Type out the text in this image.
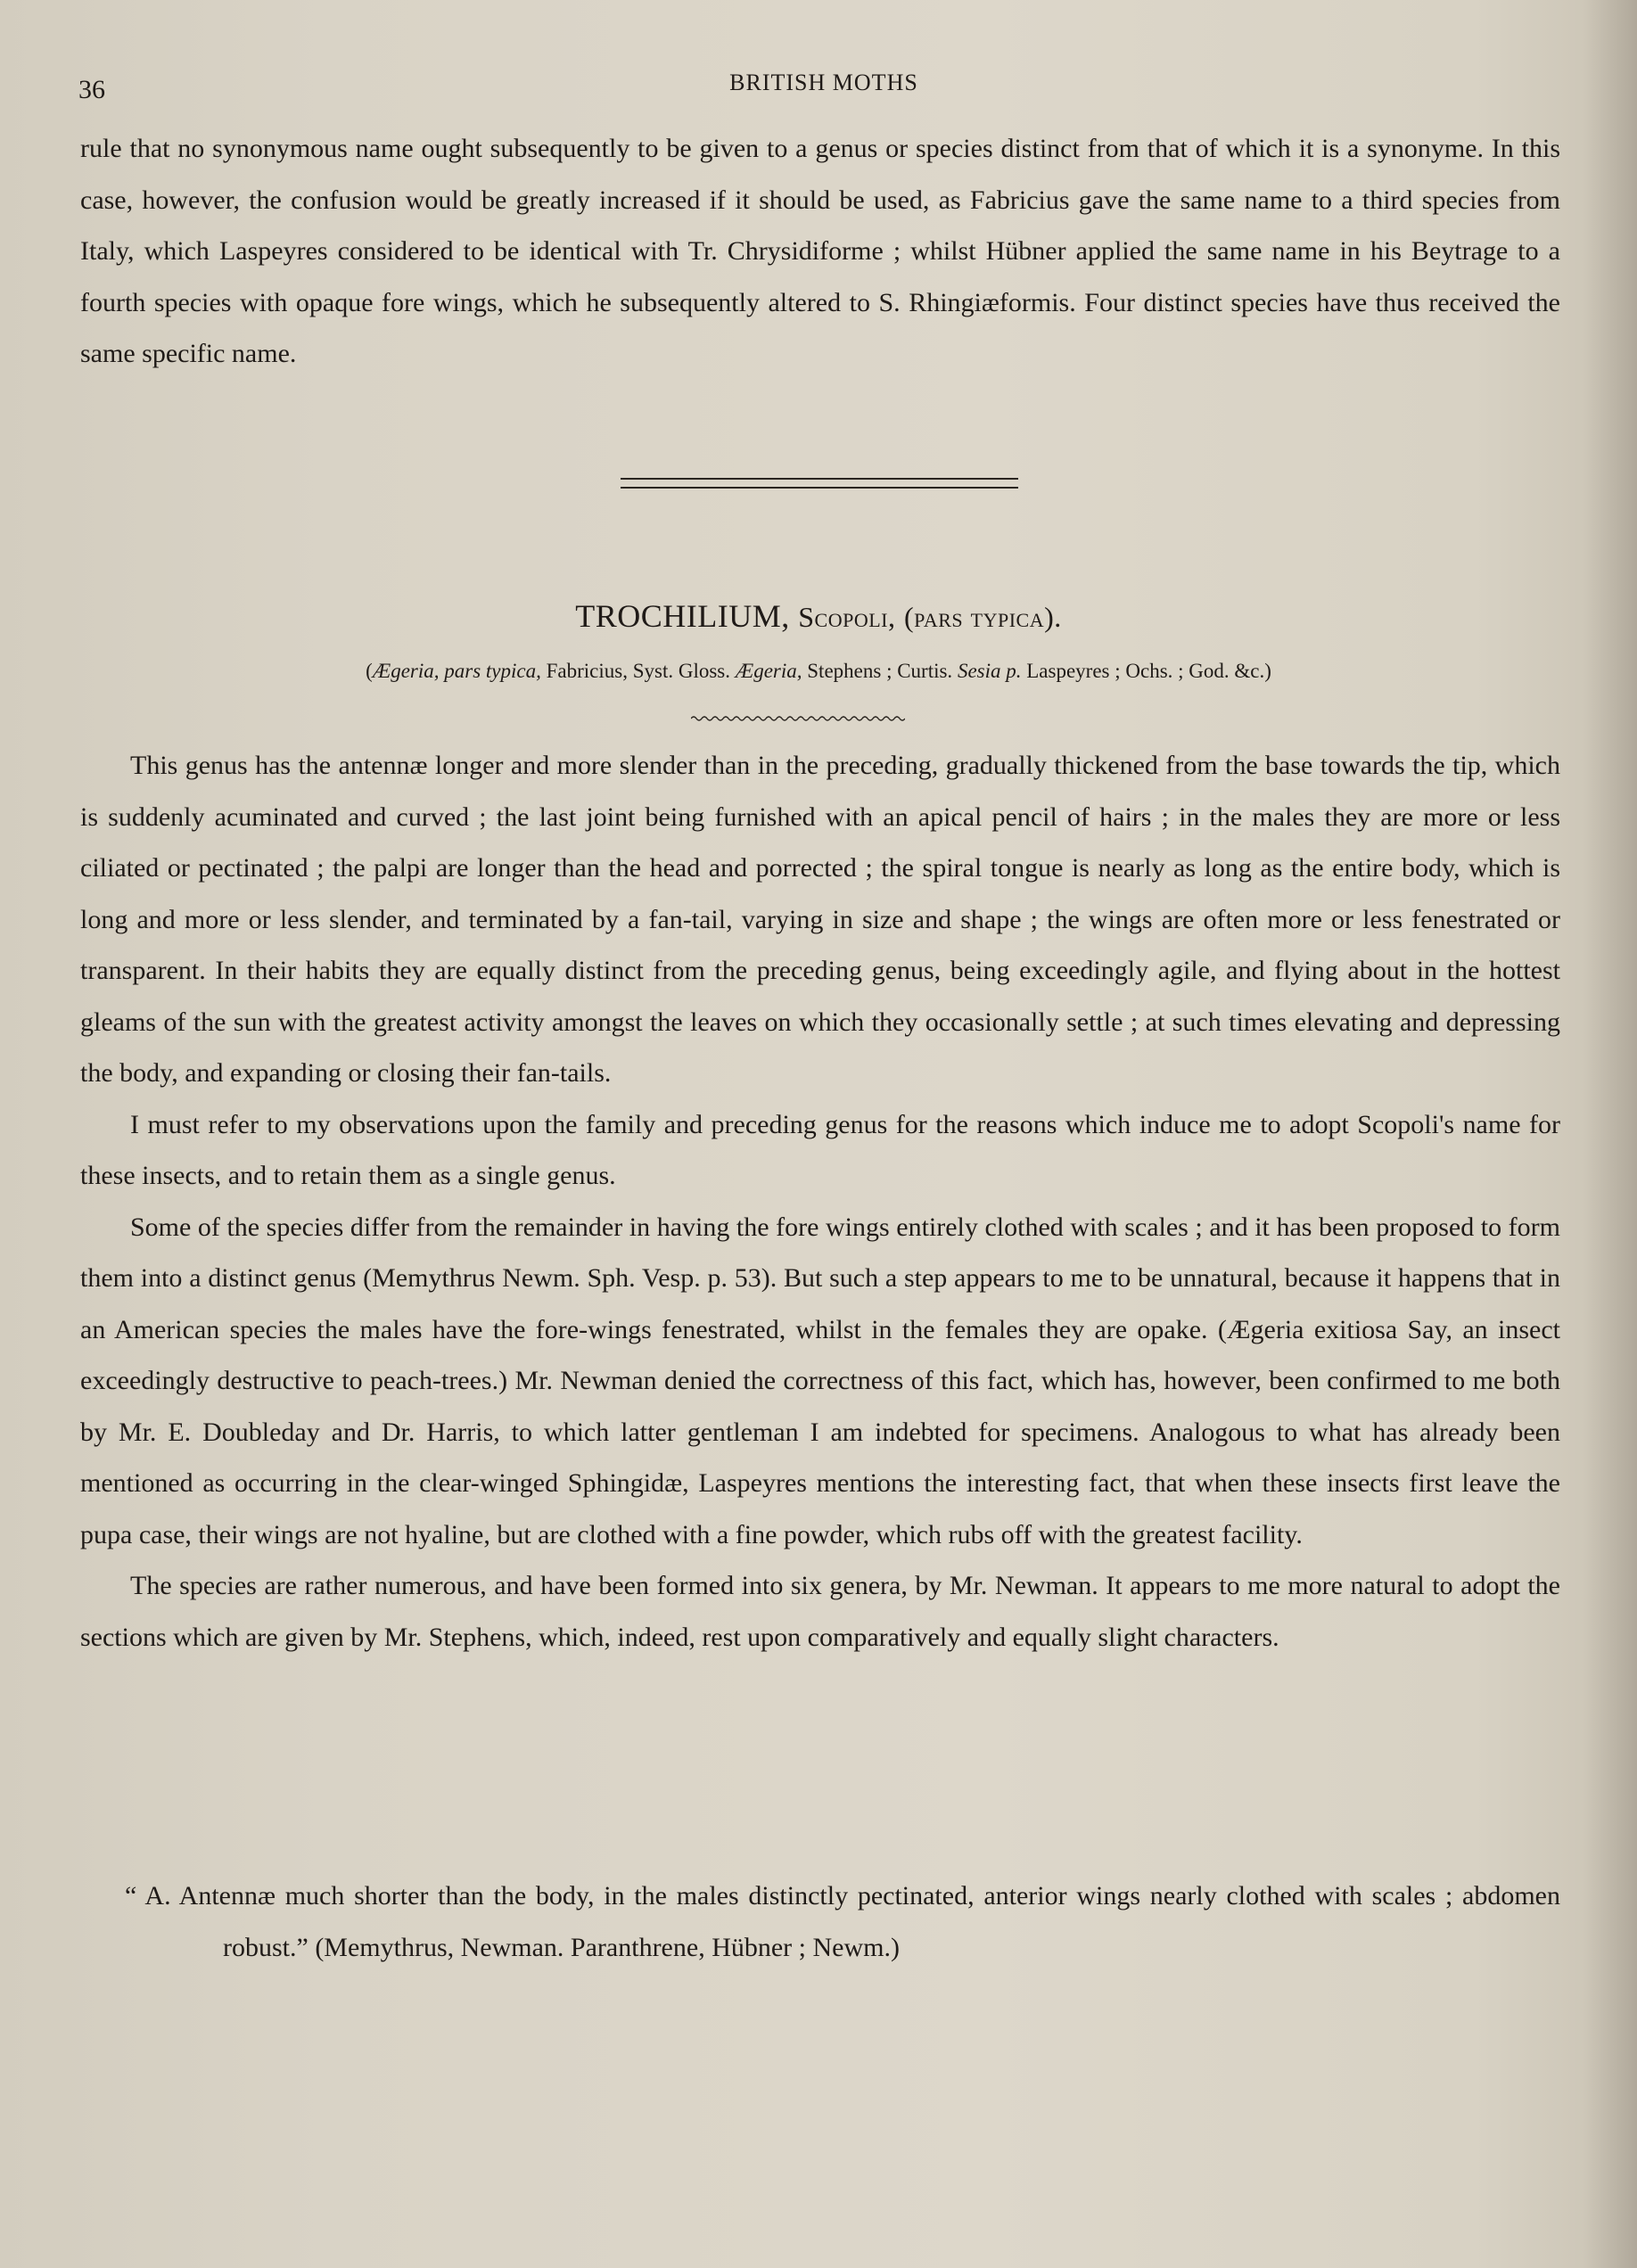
36	BRITISH MOTHS

rule that no synonymous name ought subsequently to be given to a genus or species distinct from that of which it is a synonyme. In this case, however, the confusion would be greatly increased if it should be used, as Fabricius gave the same name to a third species from Italy, which Laspeyres considered to be identical with Tr. Chrysidiforme ; whilst Hübner applied the same name in his Beytrage to a fourth species with opaque fore wings, which he subsequently altered to S. Rhingiæformis. Four distinct species have thus received the same specific name.

TROCHILIUM, Scopoli, (pars typica).
(Ægeria, pars typica, Fabricius, Syst. Gloss. Ægeria, Stephens ; Curtis. Sesia p. Laspeyres ; Ochs. ; God. &c.)

This genus has the antennæ longer and more slender than in the preceding, gradually thickened from the base towards the tip, which is suddenly acuminated and curved ; the last joint being furnished with an apical pencil of hairs ; in the males they are more or less ciliated or pectinated ; the palpi are longer than the head and porrected ; the spiral tongue is nearly as long as the entire body, which is long and more or less slender, and terminated by a fan-tail, varying in size and shape ; the wings are often more or less fenestrated or transparent. In their habits they are equally distinct from the preceding genus, being exceedingly agile, and flying about in the hottest gleams of the sun with the greatest activity amongst the leaves on which they occasionally settle ; at such times elevating and depressing the body, and expanding or closing their fan-tails.

I must refer to my observations upon the family and preceding genus for the reasons which induce me to adopt Scopoli's name for these insects, and to retain them as a single genus.

Some of the species differ from the remainder in having the fore wings entirely clothed with scales ; and it has been proposed to form them into a distinct genus (Memythrus Newm. Sph. Vesp. p. 53). But such a step appears to me to be unnatural, because it happens that in an American species the males have the fore-wings fenestrated, whilst in the females they are opake. (Ægeria exitiosa Say, an insect exceedingly destructive to peach-trees.) Mr. Newman denied the correctness of this fact, which has, however, been confirmed to me both by Mr. E. Doubleday and Dr. Harris, to which latter gentleman I am indebted for specimens. Analogous to what has already been mentioned as occurring in the clear-winged Sphingidæ, Laspeyres mentions the interesting fact, that when these insects first leave the pupa case, their wings are not hyaline, but are clothed with a fine powder, which rubs off with the greatest facility.

The species are rather numerous, and have been formed into six genera, by Mr. Newman. It appears to me more natural to adopt the sections which are given by Mr. Stephens, which, indeed, rest upon comparatively and equally slight characters.

“ A. Antennæ much shorter than the body, in the males distinctly pectinated, anterior wings nearly clothed with scales ; abdomen robust.” (Memythrus, Newman. Paranthrene, Hübner ; Newm.)
